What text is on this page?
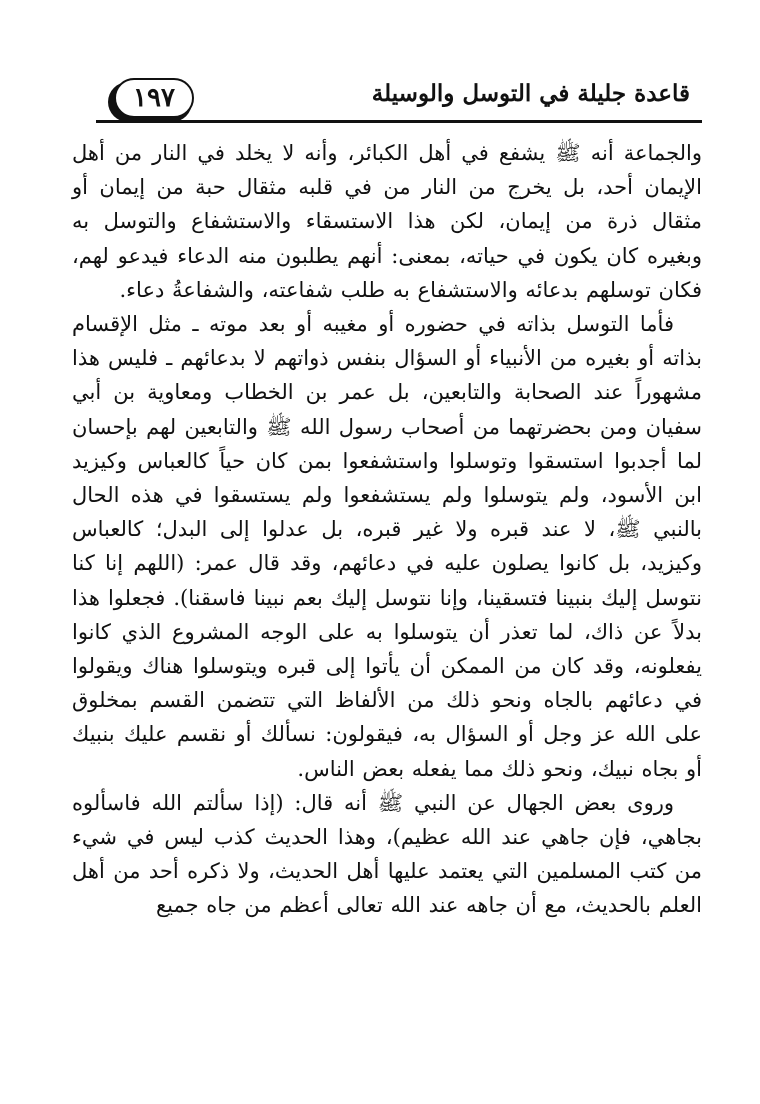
قاعدة جليلة في التوسل والوسيلة
١٩٧

والجماعة أنه ﷺ يشفع في أهل الكبائر، وأنه لا يخلد في النار من أهل الإيمان أحد، بل يخرج من النار من في قلبه مثقال حبة من إيمان أو مثقال ذرة من إيمان، لكن هذا الاستسقاء والاستشفاع والتوسل به وبغيره كان يكون في حياته، بمعنى: أنهم يطلبون منه الدعاء فيدعو لهم، فكان توسلهم بدعائه والاستشفاع به طلب شفاعته، والشفاعةُ دعاء.

فأما التوسل بذاته في حضوره أو مغيبه أو بعد موته ـ مثل الإقسام بذاته أو بغيره من الأنبياء أو السؤال بنفس ذواتهم لا بدعائهم ـ فليس هذا مشهوراً عند الصحابة والتابعين، بل عمر بن الخطاب ومعاوية بن أبي سفيان ومن بحضرتهما من أصحاب رسول الله ﷺ والتابعين لهم بإحسان لما أجدبوا استسقوا وتوسلوا واستشفعوا بمن كان حياً كالعباس وكيزيد ابن الأسود، ولم يتوسلوا ولم يستشفعوا ولم يستسقوا في هذه الحال بالنبي ﷺ، لا عند قبره ولا غير قبره، بل عدلوا إلى البدل؛ كالعباس وكيزيد، بل كانوا يصلون عليه في دعائهم، وقد قال عمر: (اللهم إنا كنا نتوسل إليك بنبينا فتسقينا، وإنا نتوسل إليك بعم نبينا فاسقنا). فجعلوا هذا بدلاً عن ذاك، لما تعذر أن يتوسلوا به على الوجه المشروع الذي كانوا يفعلونه، وقد كان من الممكن أن يأتوا إلى قبره ويتوسلوا هناك ويقولوا في دعائهم بالجاه ونحو ذلك من الألفاظ التي تتضمن القسم بمخلوق على الله عز وجل أو السؤال به، فيقولون: نسألك أو نقسم عليك بنبيك أو بجاه نبيك، ونحو ذلك مما يفعله بعض الناس.

وروى بعض الجهال عن النبي ﷺ أنه قال: (إذا سألتم الله فاسألوه بجاهي، فإن جاهي عند الله عظيم)، وهذا الحديث كذب ليس في شيء من كتب المسلمين التي يعتمد عليها أهل الحديث، ولا ذكره أحد من أهل العلم بالحديث، مع أن جاهه عند الله تعالى أعظم من جاه جميع
